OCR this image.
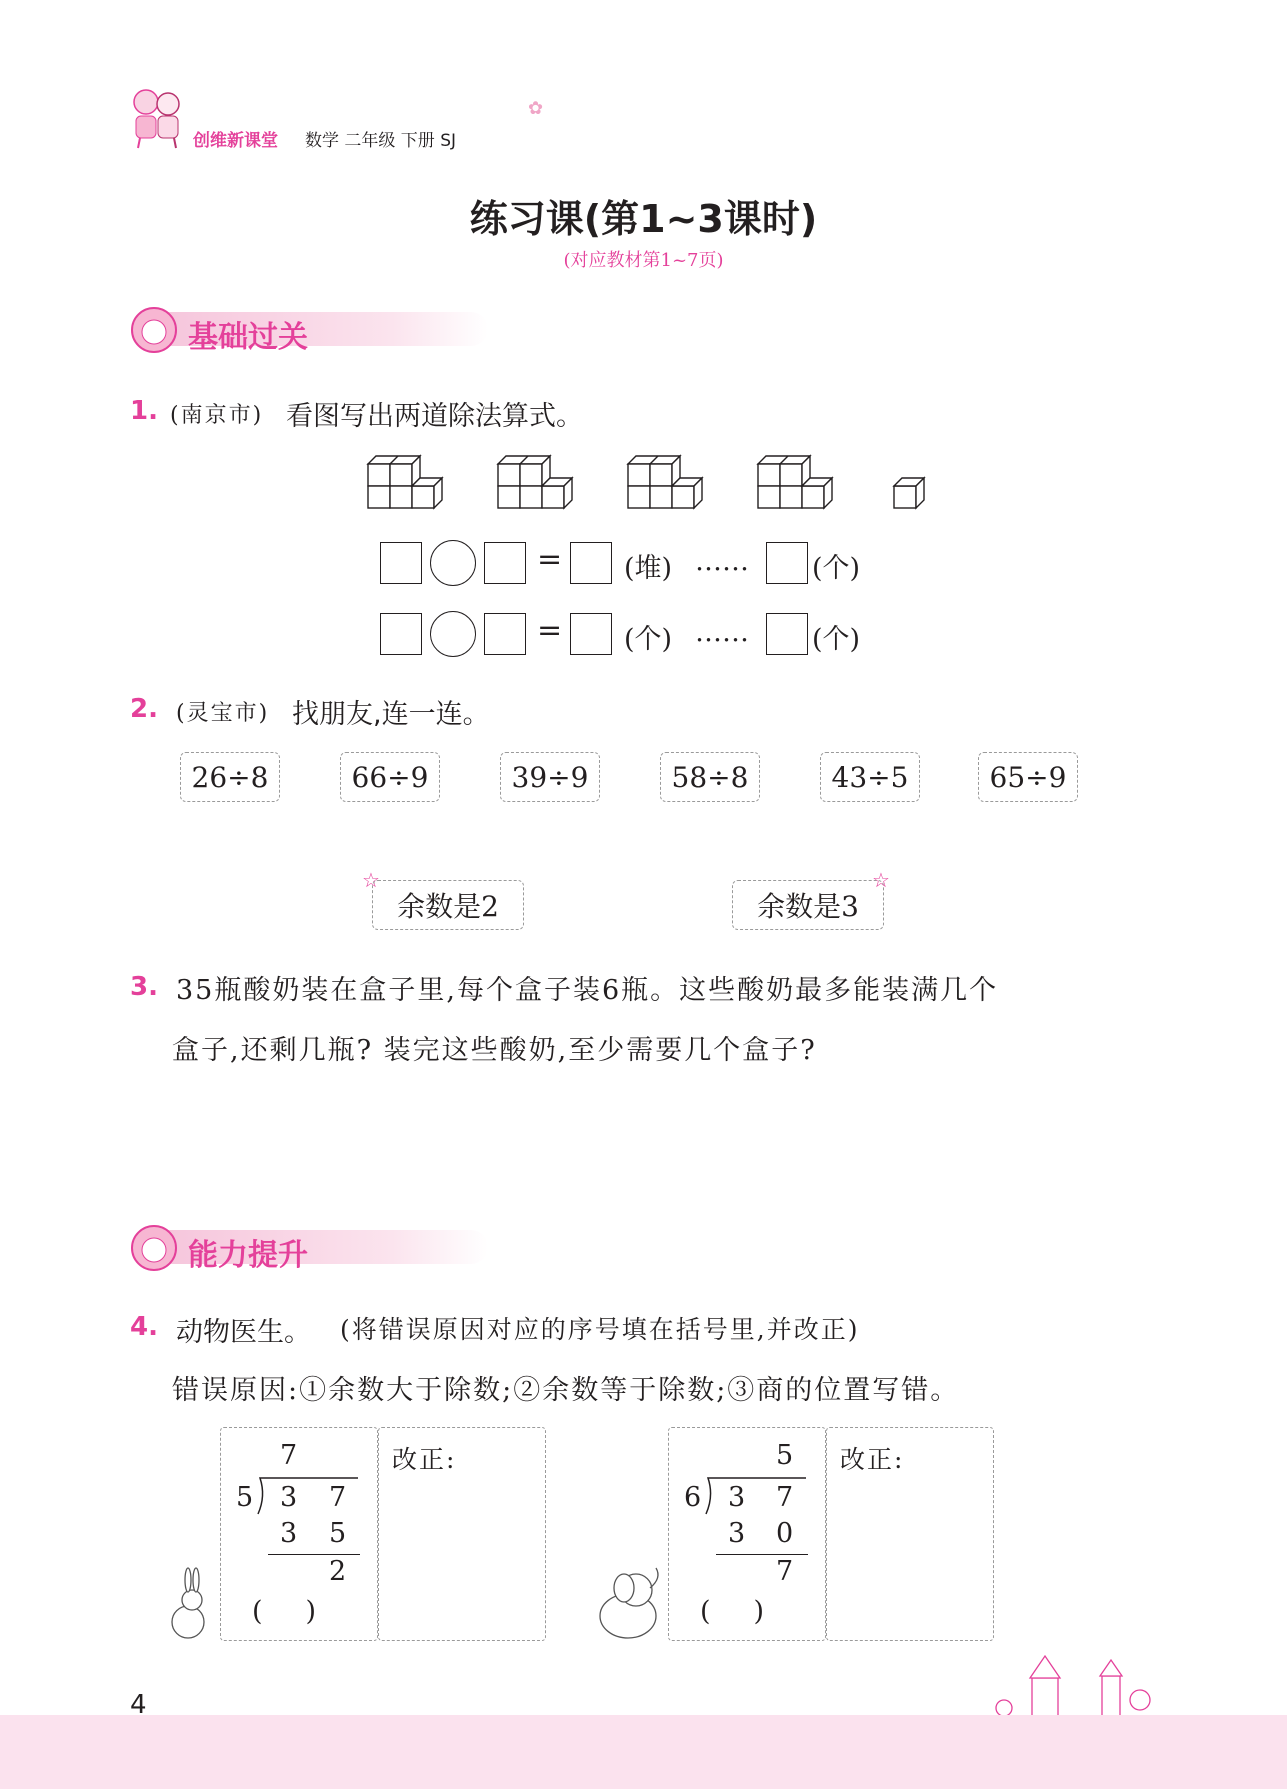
创维新课堂 数学 二年级 下册 SJ
✿
练习课(第1~3课时)
(对应教材第1~7页)
基础过关
1. (南京市) 看图写出两道除法算式。
= (堆) …… (个)
= (个) …… (个)
2. (灵宝市) 找朋友,连一连。
26÷8	66÷9	39÷9	58÷8	43÷5	65÷9
☆
余数是2	余数是3
☆
3. 35瓶酸奶装在盒子里,每个盒子装6瓶。这些酸奶最多能装满几个
盒子,还剩几瓶? 装完这些酸奶,至少需要几个盒子?
能力提升
4. 动物医生。 (将错误原因对应的序号填在括号里,并改正)
错误原因:①余数大于除数;②余数等于除数;③商的位置写错。
改正:
7
5 3 7
3 5
2
(     )
改正:
5
6 3 7
3 0
7
(     )
4
